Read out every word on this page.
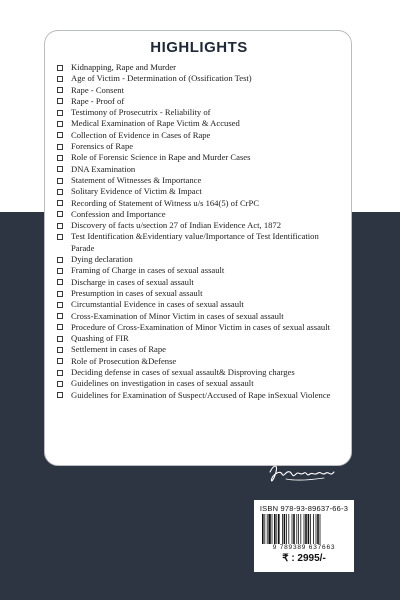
HIGHLIGHTS
Kidnapping, Rape and Murder
Age of Victim - Determination of (Ossification Test)
Rape - Consent
Rape - Proof of
Testimony of Prosecutrix - Reliability of
Medical Examination of Rape Victim & Accused
Collection of Evidence in Cases of Rape
Forensics of Rape
Role of Forensic Science in Rape and Murder Cases
DNA Examination
Statement of Witnesses & Importance
Solitary Evidence of Victim & Impact
Recording of Statement of Witness u/s 164(5) of CrPC
Confession and Importance
Discovery of facts u/section 27 of Indian Evidence Act, 1872
Test Identification &Evidentiary value/Importance of Test Identification Parade
Dying declaration
Framing of Charge in cases of sexual assault
Discharge in cases of sexual assault
Presumption in cases of sexual assault
Circumstantial Evidence in cases of sexual assault
Cross-Examination of Minor Victim in cases of sexual assault
Procedure of Cross-Examination of Minor Victim in cases of sexual assault
Quashing of FIR
Settlement in cases of Rape
Role of Prosecution &Defense
Deciding defense in cases of sexual assault& Disproving charges
Guidelines on investigation in cases of sexual assault
Guidelines for Examination of Suspect/Accused of Rape inSexual Violence
ISBN 978-93-89637-66-3
9 789389 637663
₹ : 2995/-
